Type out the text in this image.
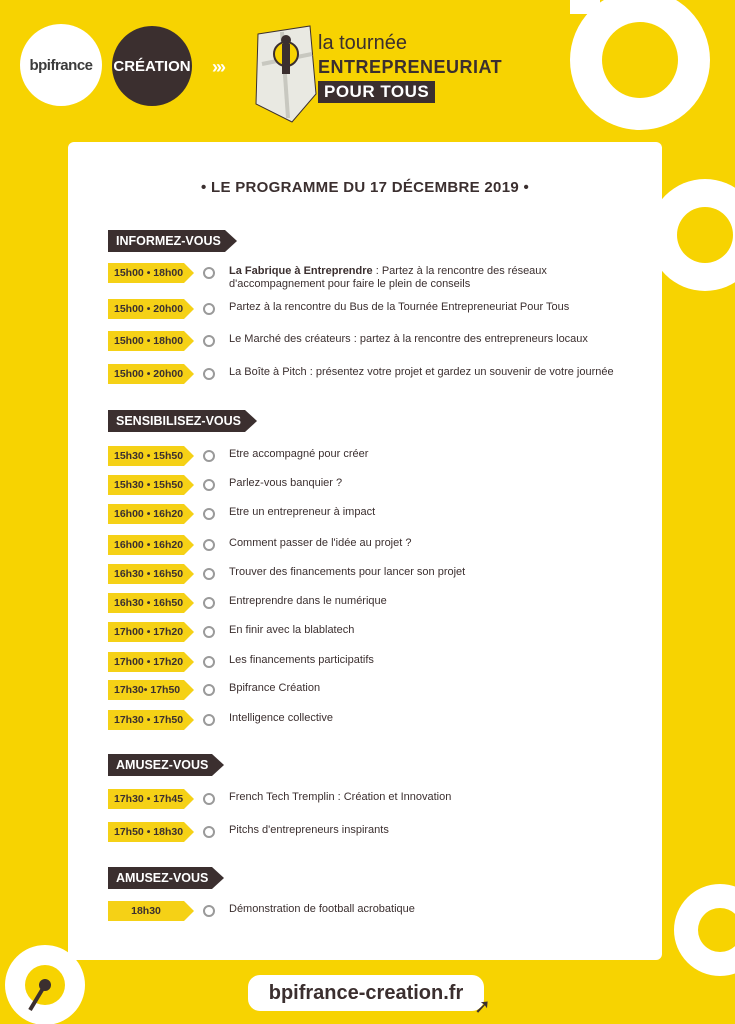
bpifrance CRÉATION ›››
la tournée
ENTREPRENEURIAT
POUR TOUS
• LE PROGRAMME DU 17 DÉCEMBRE 2019 •
INFORMEZ-VOUS
15h00 • 18h00	La Fabrique à Entreprendre : Partez à la rencontre des réseaux d'accompagnement pour faire le plein de conseils
15h00 • 20h00	Partez à la rencontre du Bus de la Tournée Entrepreneuriat Pour Tous
15h00 • 18h00	Le Marché des créateurs : partez à la rencontre des entrepreneurs locaux
15h00 • 20h00	La Boîte à Pitch : présentez votre projet et gardez un souvenir de votre journée
SENSIBILISEZ-VOUS
15h30 • 15h50	Etre accompagné pour créer
15h30 • 15h50	Parlez-vous banquier ?
16h00 • 16h20	Etre un entrepreneur à impact
16h00 • 16h20	Comment passer de l'idée au projet ?
16h30 • 16h50	Trouver des financements pour lancer son projet
16h30 • 16h50	Entreprendre dans le numérique
17h00 • 17h20	En finir avec la blablatech
17h00 • 17h20	Les financements participatifs
17h30• 17h50	Bpifrance Création
17h30 • 17h50	Intelligence collective
AMUSEZ-VOUS
17h30 • 17h45	French Tech Tremplin : Création et Innovation
17h50 • 18h30	Pitchs d'entrepreneurs inspirants
AMUSEZ-VOUS
18h30	Démonstration de football acrobatique
bpifrance-creation.fr
➚
